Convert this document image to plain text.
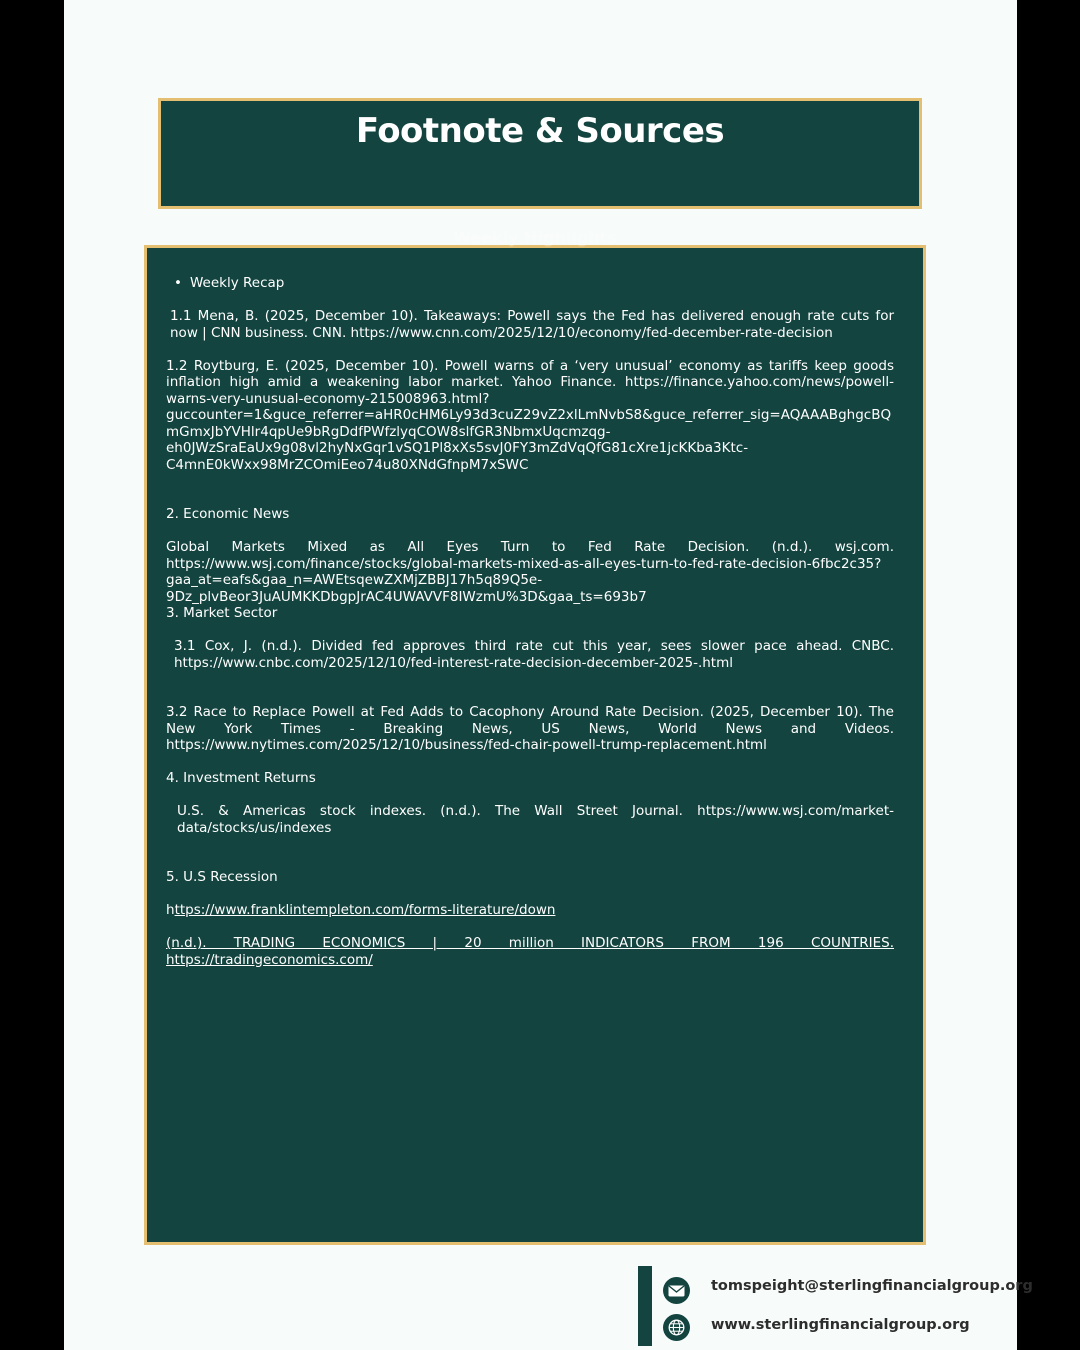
Footnote & Sources
Weekly Highlights
• Weekly Recap

1.1 Mena, B. (2025, December 10). Takeaways: Powell says the Fed has delivered enough rate cuts for now | CNN business. CNN. https://www.cnn.com/2025/12/10/economy/fed-december-rate-decision

1.2 Roytburg, E. (2025, December 10). Powell warns of a ‘very unusual’ economy as tariffs keep goods inflation high amid a weakening labor market. Yahoo Finance. https://finance.yahoo.com/news/powell-warns-very-unusual-economy-215008963.html?guccounter=1&guce_referrer=aHR0cHM6Ly93d3cuZ29vZ2xlLmNvbS8&guce_referrer_sig=AQAAABghgcBQmGmxJbYVHlr4qpUe9bRgDdfPWfzlyqCOW8slfGR3NbmxUqcmzqg-eh0JWzSraEaUx9g08vl2hyNxGqr1vSQ1Pl8xXs5svJ0FY3mZdVqQfG81cXre1jcKKba3Ktc-C4mnE0kWxx98MrZCOmiEeo74u80XNdGfnpM7xSWC

2. Economic News

Global Markets Mixed as All Eyes Turn to Fed Rate Decision. (n.d.). wsj.com. https://www.wsj.com/finance/stocks/global-markets-mixed-as-all-eyes-turn-to-fed-rate-decision-6fbc2c35?gaa_at=eafs&gaa_n=AWEtsqewZXMjZBBJ17h5q89Q5e-9Dz_plvBeor3JuAUMKKDbgpJrAC4UWAVVF8IWzmU%3D&gaa_ts=693b7

3. Market Sector

3.1 Cox, J. (n.d.). Divided fed approves third rate cut this year, sees slower pace ahead. CNBC. https://www.cnbc.com/2025/12/10/fed-interest-rate-decision-december-2025-.html

3.2 Race to Replace Powell at Fed Adds to Cacophony Around Rate Decision. (2025, December 10). The New York Times - Breaking News, US News, World News and Videos. https://www.nytimes.com/2025/12/10/business/fed-chair-powell-trump-replacement.html

4. Investment Returns

U.S. & Americas stock indexes. (n.d.). The Wall Street Journal. https://www.wsj.com/market-data/stocks/us/indexes

5. U.S Recession

https://www.franklintempleton.com/forms-literature/down

(n.d.). TRADING ECONOMICS | 20 million INDICATORS FROM 196 COUNTRIES. https://tradingeconomics.com/

tomspeight@sterlingfinancialgroup.org
www.sterlingfinancialgroup.org
